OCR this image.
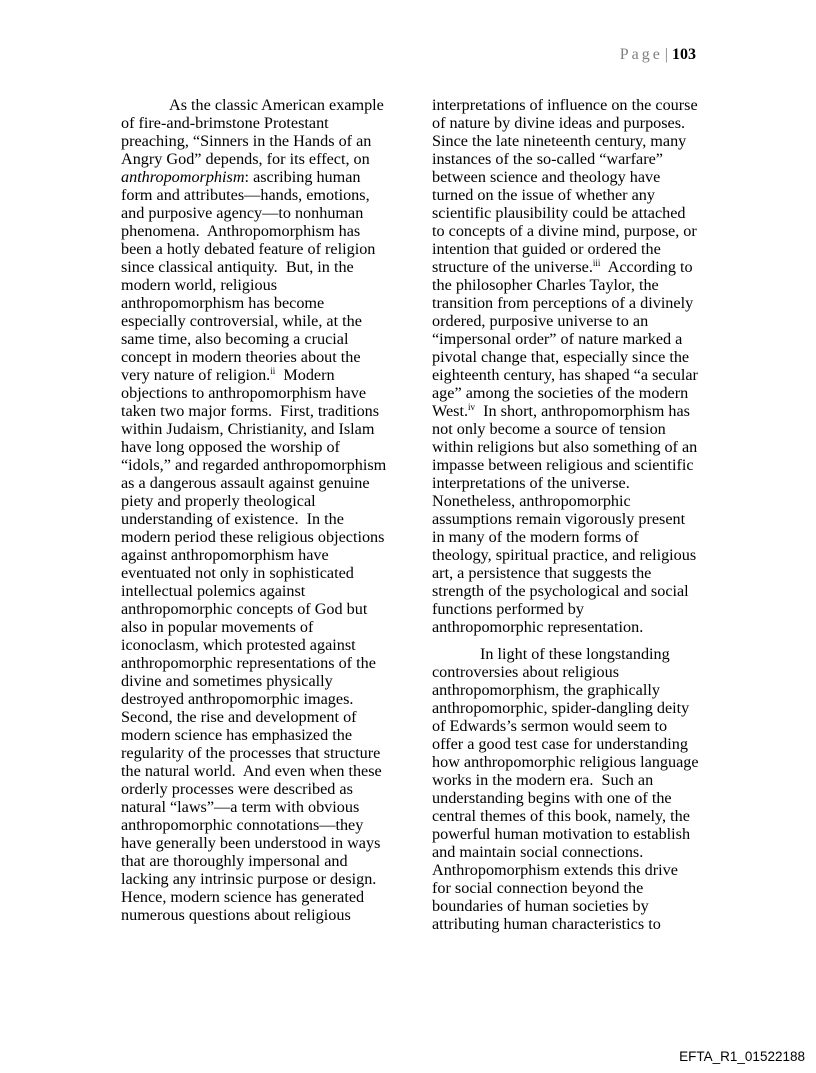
Page | 103
As the classic American example
of fire-and-brimstone Protestant
preaching, “Sinners in the Hands of an
Angry God” depends, for its effect, on
anthropomorphism: ascribing human
form and attributes—hands, emotions,
and purposive agency—to nonhuman
phenomena.  Anthropomorphism has
been a hotly debated feature of religion
since classical antiquity.  But, in the
modern world, religious
anthropomorphism has become
especially controversial, while, at the
same time, also becoming a crucial
concept in modern theories about the
very nature of religion.$^{ii}$  Modern
objections to anthropomorphism have
taken two major forms.  First, traditions
within Judaism, Christianity, and Islam
have long opposed the worship of
“idols,” and regarded anthropomorphism
as a dangerous assault against genuine
piety and properly theological
understanding of existence.  In the
modern period these religious objections
against anthropomorphism have
eventuated not only in sophisticated
intellectual polemics against
anthropomorphic concepts of God but
also in popular movements of
iconoclasm, which protested against
anthropomorphic representations of the
divine and sometimes physically
destroyed anthropomorphic images.
Second, the rise and development of
modern science has emphasized the
regularity of the processes that structure
the natural world.  And even when these
orderly processes were described as
natural “laws”—a term with obvious
anthropomorphic connotations—they
have generally been understood in ways
that are thoroughly impersonal and
lacking any intrinsic purpose or design.
Hence, modern science has generated
numerous questions about religious
interpretations of influence on the course
of nature by divine ideas and purposes.
Since the late nineteenth century, many
instances of the so-called “warfare”
between science and theology have
turned on the issue of whether any
scientific plausibility could be attached
to concepts of a divine mind, purpose, or
intention that guided or ordered the
structure of the universe.$^{iii}$  According to
the philosopher Charles Taylor, the
transition from perceptions of a divinely
ordered, purposive universe to an
“impersonal order” of nature marked a
pivotal change that, especially since the
eighteenth century, has shaped “a secular
age” among the societies of the modern
West.$^{iv}$  In short, anthropomorphism has
not only become a source of tension
within religions but also something of an
impasse between religious and scientific
interpretations of the universe.
Nonetheless, anthropomorphic
assumptions remain vigorously present
in many of the modern forms of
theology, spiritual practice, and religious
art, a persistence that suggests the
strength of the psychological and social
functions performed by
anthropomorphic representation.
In light of these longstanding
controversies about religious
anthropomorphism, the graphically
anthropomorphic, spider-dangling deity
of Edwards’s sermon would seem to
offer a good test case for understanding
how anthropomorphic religious language
works in the modern era.  Such an
understanding begins with one of the
central themes of this book, namely, the
powerful human motivation to establish
and maintain social connections.
Anthropomorphism extends this drive
for social connection beyond the
boundaries of human societies by
attributing human characteristics to
EFTA_R1_01522188
